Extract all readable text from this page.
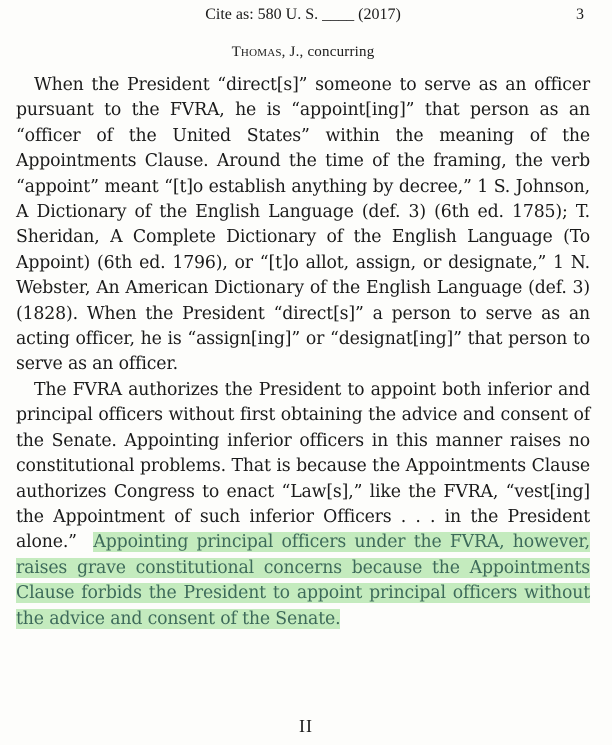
Cite as: 580 U. S. ____ (2017)	3
Thomas, J., concurring

When the President “direct[s]” someone to serve as an officer pursuant to the FVRA, he is “appoint[ing]” that person as an “officer of the United States” within the meaning of the Appointments Clause. Around the time of the framing, the verb “appoint” meant “[t]o establish anything by decree,” 1 S. Johnson, A Dictionary of the English Language (def. 3) (6th ed. 1785); T. Sheridan, A Complete Dictionary of the English Language (To Appoint) (6th ed. 1796), or “[t]o allot, assign, or designate,” 1 N. Webster, An American Dictionary of the English Language (def. 3) (1828). When the President “direct[s]” a person to serve as an acting officer, he is “assign[ing]” or “designat[ing]” that person to serve as an officer.

The FVRA authorizes the President to appoint both inferior and principal officers without first obtaining the advice and consent of the Senate. Appointing inferior officers in this manner raises no constitutional problems. That is because the Appointments Clause authorizes Congress to enact “Law[s],” like the FVRA, “vest[ing] the Appointment of such inferior Officers . . . in the President alone.” Appointing principal officers under the FVRA, however, raises grave constitutional concerns because the Appointments Clause forbids the President to appoint principal officers without the advice and consent of the Senate.

II
